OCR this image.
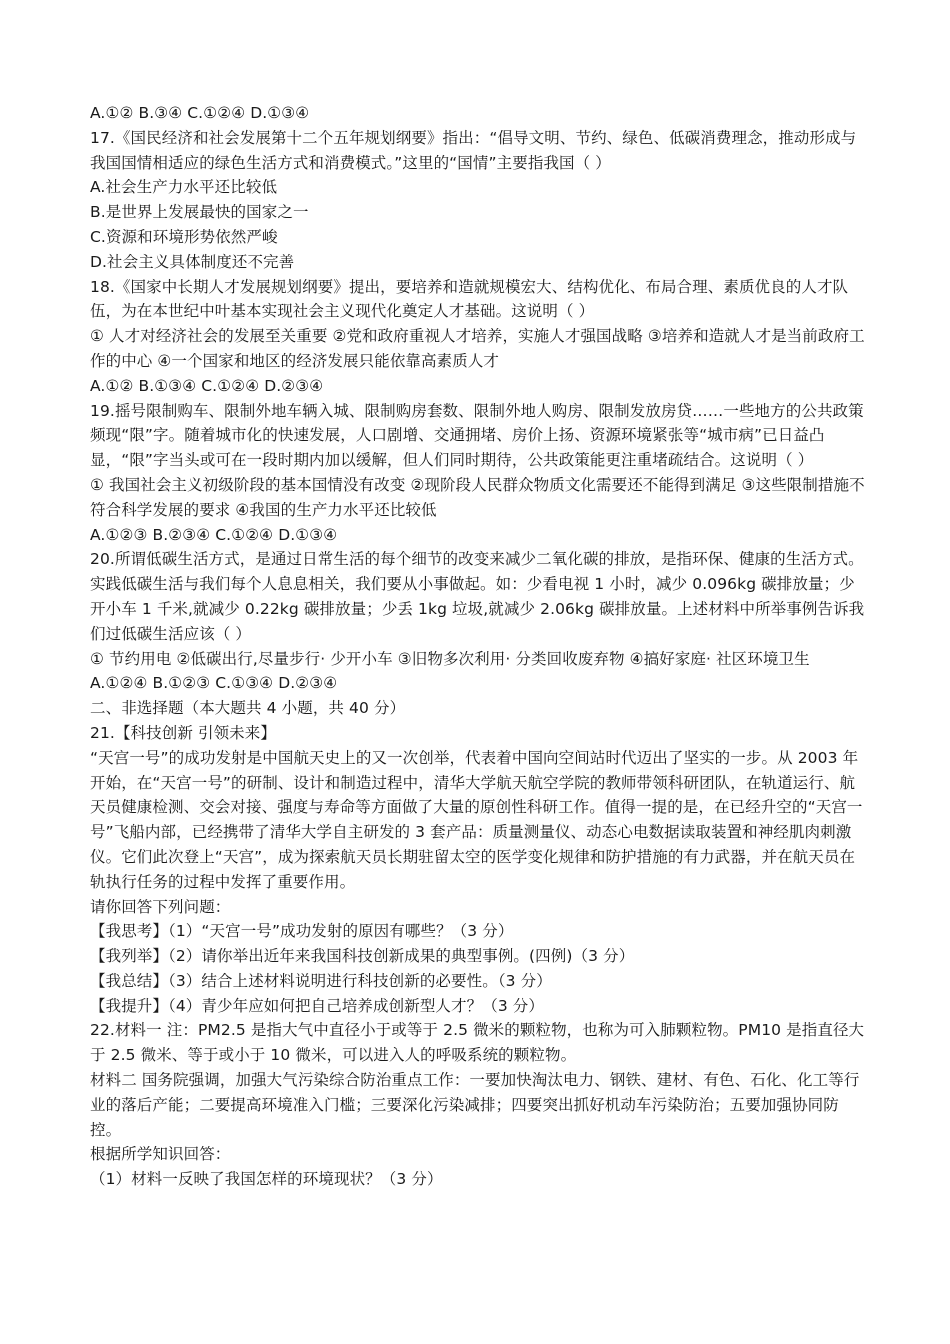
A.①② B.③④ C.①②④ D.①③④

17.《国民经济和社会发展第十二个五年规划纲要》指出：“倡导文明、节约、绿色、低碳消费理念，推动形成与我国国情相适应的绿色生活方式和消费模式。”这里的“国情”主要指我国（ ）

A.社会生产力水平还比较低

B.是世界上发展最快的国家之一

C.资源和环境形势依然严峻

D.社会主义具体制度还不完善

18.《国家中长期人才发展规划纲要》提出，要培养和造就规模宏大、结构优化、布局合理、素质优良的人才队伍，为在本世纪中叶基本实现社会主义现代化奠定人才基础。这说明（ ）

① 人才对经济社会的发展至关重要 ②党和政府重视人才培养，实施人才强国战略 ③培养和造就人才是当前政府工作的中心 ④一个国家和地区的经济发展只能依靠高素质人才

A.①② B.①③④ C.①②④ D.②③④

19.摇号限制购车、限制外地车辆入城、限制购房套数、限制外地人购房、限制发放房贷……一些地方的公共政策频现“限”字。随着城市化的快速发展，人口剧增、交通拥堵、房价上扬、资源环境紧张等“城市病”已日益凸显，“限”字当头或可在一段时期内加以缓解，但人们同时期待，公共政策能更注重堵疏结合。这说明（ ）

① 我国社会主义初级阶段的基本国情没有改变 ②现阶段人民群众物质文化需要还不能得到满足 ③这些限制措施不符合科学发展的要求 ④我国的生产力水平还比较低

A.①②③ B.②③④ C.①②④ D.①③④

20.所谓低碳生活方式，是通过日常生活的每个细节的改变来减少二氧化碳的排放，是指环保、健康的生活方式。实践低碳生活与我们每个人息息相关，我们要从小事做起。如：少看电视 1 小时，减少 0.096kg 碳排放量；少开小车 1 千米,就减少 0.22kg 碳排放量；少丢 1kg 垃圾,就减少 2.06kg 碳排放量。上述材料中所举事例告诉我们过低碳生活应该（ ）

① 节约用电 ②低碳出行,尽量步行· 少开小车 ③旧物多次利用· 分类回收废弃物 ④搞好家庭· 社区环境卫生

A.①②④ B.①②③ C.①③④ D.②③④

二、非选择题（本大题共 4 小题，共 40 分）

21.【科技创新 引领未来】

“天宫一号”的成功发射是中国航天史上的又一次创举，代表着中国向空间站时代迈出了坚实的一步。从 2003 年开始，在“天宫一号”的研制、设计和制造过程中，清华大学航天航空学院的教师带领科研团队，在轨道运行、航天员健康检测、交会对接、强度与寿命等方面做了大量的原创性科研工作。值得一提的是，在已经升空的“天宫一号”飞船内部，已经携带了清华大学自主研发的 3 套产品：质量测量仪、动态心电数据读取装置和神经肌肉刺激仪。它们此次登上“天宫”，成为探索航天员长期驻留太空的医学变化规律和防护措施的有力武器，并在航天员在轨执行任务的过程中发挥了重要作用。

请你回答下列问题：

【我思考】（1）“天宫一号”成功发射的原因有哪些？（3 分）

【我列举】（2）请你举出近年来我国科技创新成果的典型事例。(四例)（3 分）

【我总结】（3）结合上述材料说明进行科技创新的必要性。（3 分）

【我提升】（4）青少年应如何把自己培养成创新型人才？（3 分）

22.材料一 注：PM2.5 是指大气中直径小于或等于 2.5 微米的颗粒物，也称为可入肺颗粒物。PM10 是指直径大于 2.5 微米、等于或小于 10 微米，可以进入人的呼吸系统的颗粒物。

材料二 国务院强调，加强大气污染综合防治重点工作：一要加快淘汰电力、钢铁、建材、有色、石化、化工等行业的落后产能；二要提高环境准入门槛；三要深化污染减排；四要突出抓好机动车污染防治；五要加强协同防控。

根据所学知识回答：

（1）材料一反映了我国怎样的环境现状？（3 分）
